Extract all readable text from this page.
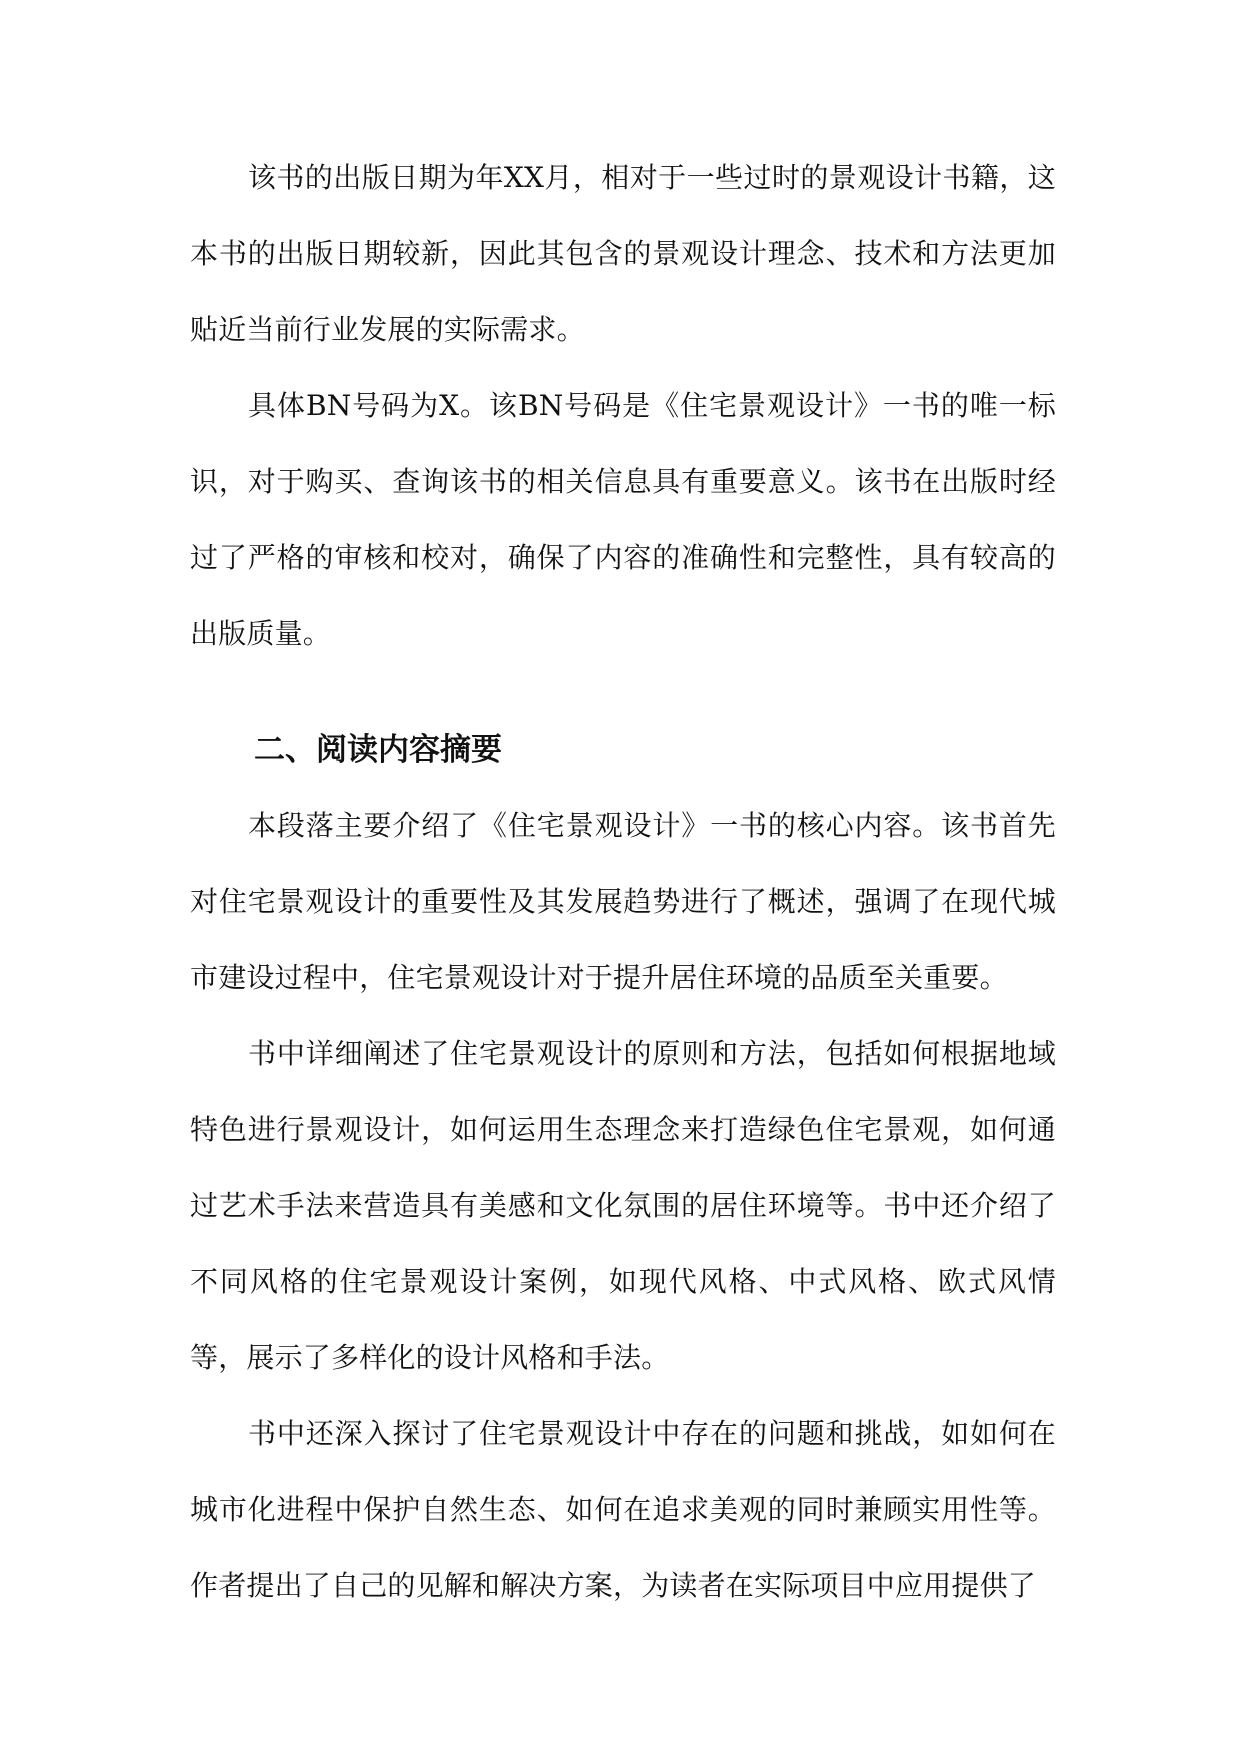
该书的出版日期为年XX月，相对于一些过时的景观设计书籍，这本书的出版日期较新，因此其包含的景观设计理念、技术和方法更加贴近当前行业发展的实际需求。

具体BN号码为X。该BN号码是《住宅景观设计》一书的唯一标识，对于购买、查询该书的相关信息具有重要意义。该书在出版时经过了严格的审核和校对，确保了内容的准确性和完整性，具有较高的出版质量。

二、阅读内容摘要

本段落主要介绍了《住宅景观设计》一书的核心内容。该书首先对住宅景观设计的重要性及其发展趋势进行了概述，强调了在现代城市建设过程中，住宅景观设计对于提升居住环境的品质至关重要。

书中详细阐述了住宅景观设计的原则和方法，包括如何根据地域特色进行景观设计，如何运用生态理念来打造绿色住宅景观，如何通过艺术手法来营造具有美感和文化氛围的居住环境等。书中还介绍了不同风格的住宅景观设计案例，如现代风格、中式风格、欧式风情等，展示了多样化的设计风格和手法。

书中还深入探讨了住宅景观设计中存在的问题和挑战，如如何在城市化进程中保护自然生态、如何在追求美观的同时兼顾实用性等。作者提出了自己的见解和解决方案，为读者在实际项目中应用提供了
